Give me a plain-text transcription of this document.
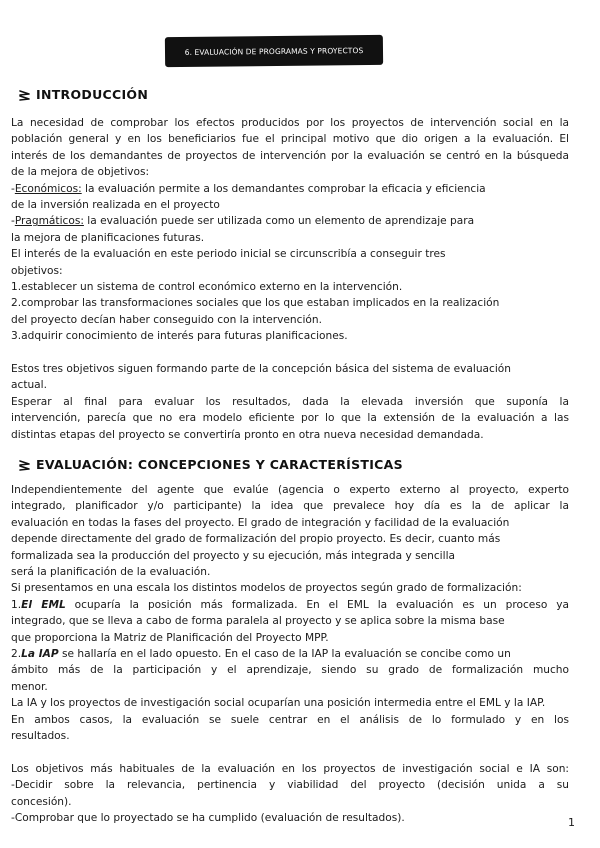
6. EVALUACIÓN DE PROGRAMAS Y PROYECTOS
INTRODUCCIÓN

La necesidad de comprobar los efectos producidos por los proyectos de intervención social en la

población general y en los beneficiarios fue el principal motivo que dio origen a la evaluación. El

interés de los demandantes de proyectos de intervención por la evaluación se centró en la búsqueda

de la mejora de objetivos:

-Económicos: la evaluación permite a los demandantes comprobar la eficacia y eficiencia

de la inversión realizada en el proyecto

-Pragmáticos: la evaluación puede ser utilizada como un elemento de aprendizaje para

la mejora de planificaciones futuras.

El interés de la evaluación en este periodo inicial se circunscribía a conseguir tres

objetivos:

1.establecer un sistema de control económico externo en la intervención.

2.comprobar las transformaciones sociales que los que estaban implicados en la realización

del proyecto decían haber conseguido con la intervención.

3.adquirir conocimiento de interés para futuras planificaciones.

Estos tres objetivos siguen formando parte de la concepción básica del sistema de evaluación

actual.

Esperar al final para evaluar los resultados, dada la elevada inversión que suponía la

intervención, parecía que no era modelo eficiente por lo que la extensión de la evaluación a las

distintas etapas del proyecto se convertiría pronto en otra nueva necesidad demandada.

EVALUACIÓN: CONCEPCIONES Y CARACTERÍSTICAS

Independientemente del agente que evalúe (agencia o experto externo al proyecto, experto

integrado, planificador y/o participante) la idea que prevalece hoy día es la de aplicar la

evaluación en todas la fases del proyecto. El grado de integración y facilidad de la evaluación

depende directamente del grado de formalización del propio proyecto. Es decir, cuanto más

formalizada sea la producción del proyecto y su ejecución, más integrada y sencilla

será la planificación de la evaluación.

Si presentamos en una escala los distintos modelos de proyectos según grado de formalización:

1.El EML ocuparía la posición más formalizada. En el EML la evaluación es un proceso ya

integrado, que se lleva a cabo de forma paralela al proyecto y se aplica sobre la misma base

que proporciona la Matriz de Planificación del Proyecto MPP.

2.La IAP se hallaría en el lado opuesto. En el caso de la IAP la evaluación se concibe como un

ámbito más de la participación y el aprendizaje, siendo su grado de formalización mucho

menor.

La IA y los proyectos de investigación social ocuparían una posición intermedia entre el EML y la IAP.

En ambos casos, la evaluación se suele centrar en el análisis de lo formulado y en los

resultados.

Los objetivos más habituales de la evaluación en los proyectos de investigación social e IA son:

-Decidir sobre la relevancia, pertinencia y viabilidad del proyecto (decisión unida a su

concesión).

-Comprobar que lo proyectado se ha cumplido (evaluación de resultados).	1
